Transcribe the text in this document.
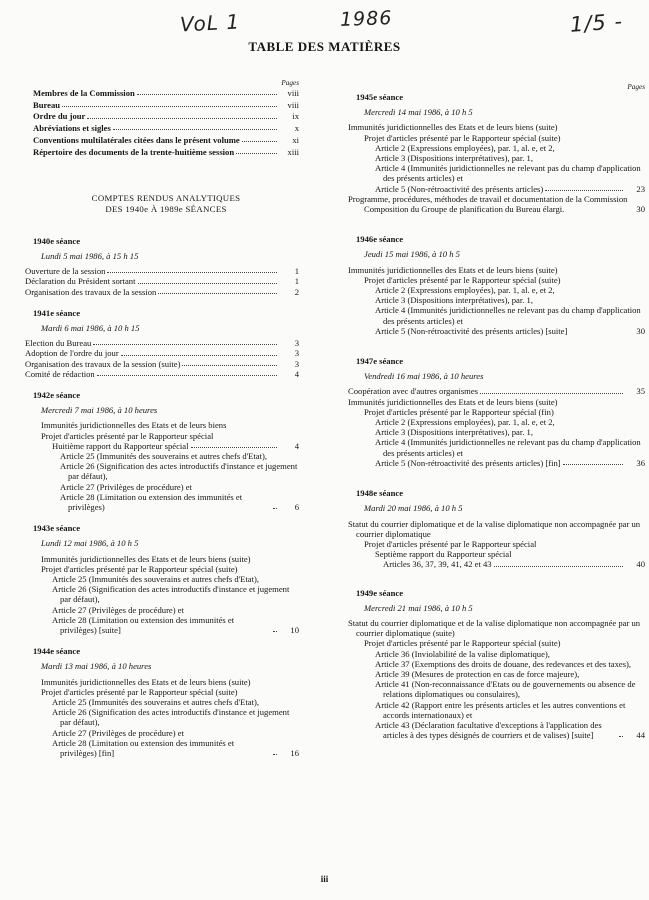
VoL 1	1986	1/5 -
TABLE DES MATIÈRES
Pages
Membres de la Commission	viii
Bureau	viii
Ordre du jour	ix
Abréviations et sigles	x
Conventions multilatérales citées dans le présent volume	xi
Répertoire des documents de la trente-huitième session	xiii
COMPTES RENDUS ANALYTIQUES
DES 1940e À 1989e SÉANCES
1940e séance
Lundi 5 mai 1986, à 15 h 15
Ouverture de la session	1
Déclaration du Président sortant	1
Organisation des travaux de la session	2
1941e séance
Mardi 6 mai 1986, à 10 h 15
Election du Bureau	3
Adoption de l'ordre du jour	3
Organisation des travaux de la session (suite)	3
Comité de rédaction	4
1942e séance
Mercredi 7 mai 1986, à 10 heures
Immunités juridictionnelles des Etats et de leurs biens
Projet d'articles présenté par le Rapporteur spécial
Huitième rapport du Rapporteur spécial	4
Article 25 (Immunités des souverains et autres chefs d'Etat),
Article 26 (Signification des actes introductifs d'instance et jugement par défaut),
Article 27 (Privilèges de procédure) et
Article 28 (Limitation ou extension des immunités et privilèges)	6
1943e séance
Lundi 12 mai 1986, à 10 h 5
Immunités juridictionnelles des Etats et de leurs biens (suite)
Projet d'articles présenté par le Rapporteur spécial (suite)
Article 25 (Immunités des souverains et autres chefs d'Etat),
Article 26 (Signification des actes introductifs d'instance et jugement par défaut),
Article 27 (Privilèges de procédure) et
Article 28 (Limitation ou extension des immunités et privilèges) [suite]	10
1944e séance
Mardi 13 mai 1986, à 10 heures
Immunités juridictionnelles des Etats et de leurs biens (suite)
Projet d'articles présenté par le Rapporteur spécial (suite)
Article 25 (Immunités des souverains et autres chefs d'Etat),
Article 26 (Signification des actes introductifs d'instance et jugement par défaut),
Article 27 (Privilèges de procédure) et
Article 28 (Limitation ou extension des immunités et privilèges) [fin]	16
Pages
1945e séance
Mercredi 14 mai 1986, à 10 h 5
Immunités juridictionnelles des Etats et de leurs biens (suite)
Projet d'articles présenté par le Rapporteur spécial (suite)
Article 2 (Expressions employées), par. 1, al. e, et 2,
Article 3 (Dispositions interprétatives), par. 1,
Article 4 (Immunités juridictionnelles ne relevant pas du champ d'application des présents articles) et
Article 5 (Non-rétroactivité des présents articles)	23
Programme, procédures, méthodes de travail et documentation de la Commission
Composition du Groupe de planification du Bureau élargi.	30
1946e séance
Jeudi 15 mai 1986, à 10 h 5
Immunités juridictionnelles des Etats et de leurs biens (suite)
Projet d'articles présenté par le Rapporteur spécial (suite)
Article 2 (Expressions employées), par. 1, al. e, et 2,
Article 3 (Dispositions interprétatives), par. 1,
Article 4 (Immunités juridictionnelles ne relevant pas du champ d'application des présents articles) et
Article 5 (Non-rétroactivité des présents articles) [suite]	30
1947e séance
Vendredi 16 mai 1986, à 10 heures
Coopération avec d'autres organismes	35
Immunités juridictionnelles des Etats et de leurs biens (suite)
Projet d'articles présenté par le Rapporteur spécial (fin)
Article 2 (Expressions employées), par. 1, al. e, et 2,
Article 3 (Dispositions interprétatives), par. 1,
Article 4 (Immunités juridictionnelles ne relevant pas du champ d'application des présents articles) et
Article 5 (Non-rétroactivité des présents articles) [fin]	36
1948e séance
Mardi 20 mai 1986, à 10 h 5
Statut du courrier diplomatique et de la valise diplomatique non accompagnée par un courrier diplomatique
Projet d'articles présenté par le Rapporteur spécial
Septième rapport du Rapporteur spécial
Articles 36, 37, 39, 41, 42 et 43	40
1949e séance
Mercredi 21 mai 1986, à 10 h 5
Statut du courrier diplomatique et de la valise diplomatique non accompagnée par un courrier diplomatique (suite)
Projet d'articles présenté par le Rapporteur spécial (suite)
Article 36 (Inviolabilité de la valise diplomatique),
Article 37 (Exemptions des droits de douane, des redevances et des taxes),
Article 39 (Mesures de protection en cas de force majeure),
Article 41 (Non-reconnaissance d'Etats ou de gouvernements ou absence de relations diplomatiques ou consulaires),
Article 42 (Rapport entre les présents articles et les autres conventions et accords internationaux) et
Article 43 (Déclaration facultative d'exceptions à l'application des articles à des types désignés de courriers et de valises) [suite]	44
iii
